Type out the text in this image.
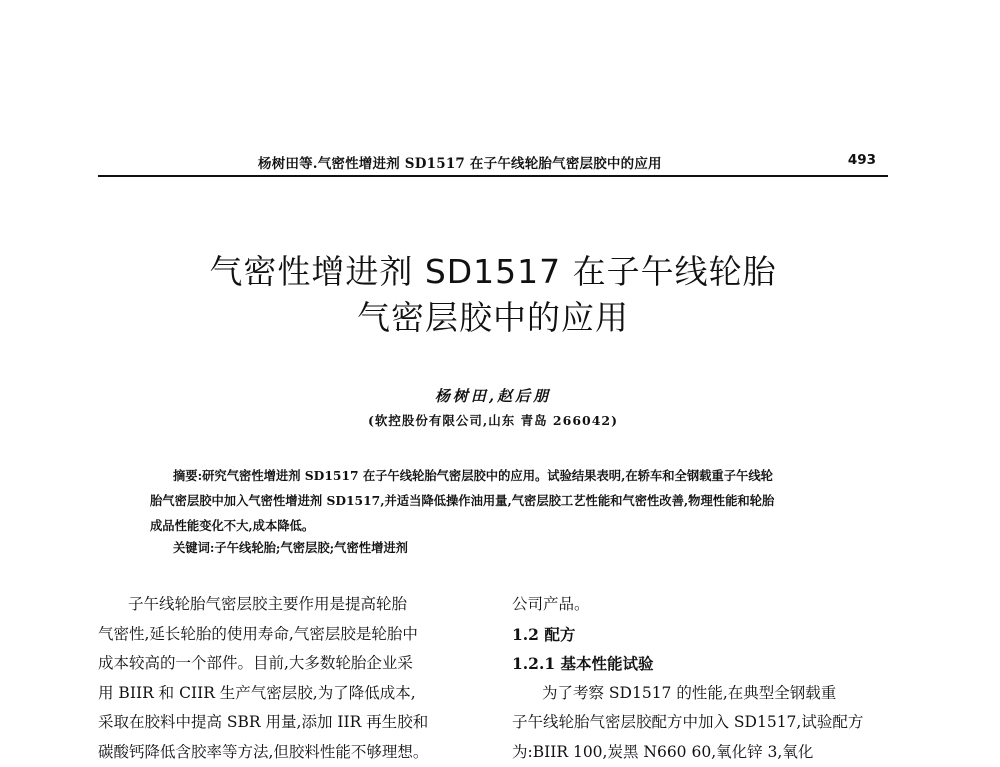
杨树田等.气密性增进剂 SD1517 在子午线轮胎气密层胶中的应用	493
气密性增进剂 SD1517 在子午线轮胎
气密层胶中的应用
杨树田,赵后朋
(软控股份有限公司,山东 青岛 266042)
摘要:研究气密性增进剂 SD1517 在子午线轮胎气密层胶中的应用。试验结果表明,在轿车和全钢载重子午线轮
胎气密层胶中加入气密性增进剂 SD1517,并适当降低操作油用量,气密层胶工艺性能和气密性改善,物理性能和轮胎
成品性能变化不大,成本降低。
关键词:子午线轮胎;气密层胶;气密性增进剂
子午线轮胎气密层胶主要作用是提高轮胎
气密性,延长轮胎的使用寿命,气密层胶是轮胎中
成本较高的一个部件。目前,大多数轮胎企业采
用 BIIR 和 CIIR 生产气密层胶,为了降低成本,
采取在胶料中提高 SBR 用量,添加 IIR 再生胶和
碳酸钙降低含胶率等方法,但胶料性能不够理想。
公司产品。
1.2 配方
1.2.1 基本性能试验
为了考察 SD1517 的性能,在典型全钢载重
子午线轮胎气密层胶配方中加入 SD1517,试验配方
为:BIIR 100,炭黑 N660 60,氧化锌 3,氧化
